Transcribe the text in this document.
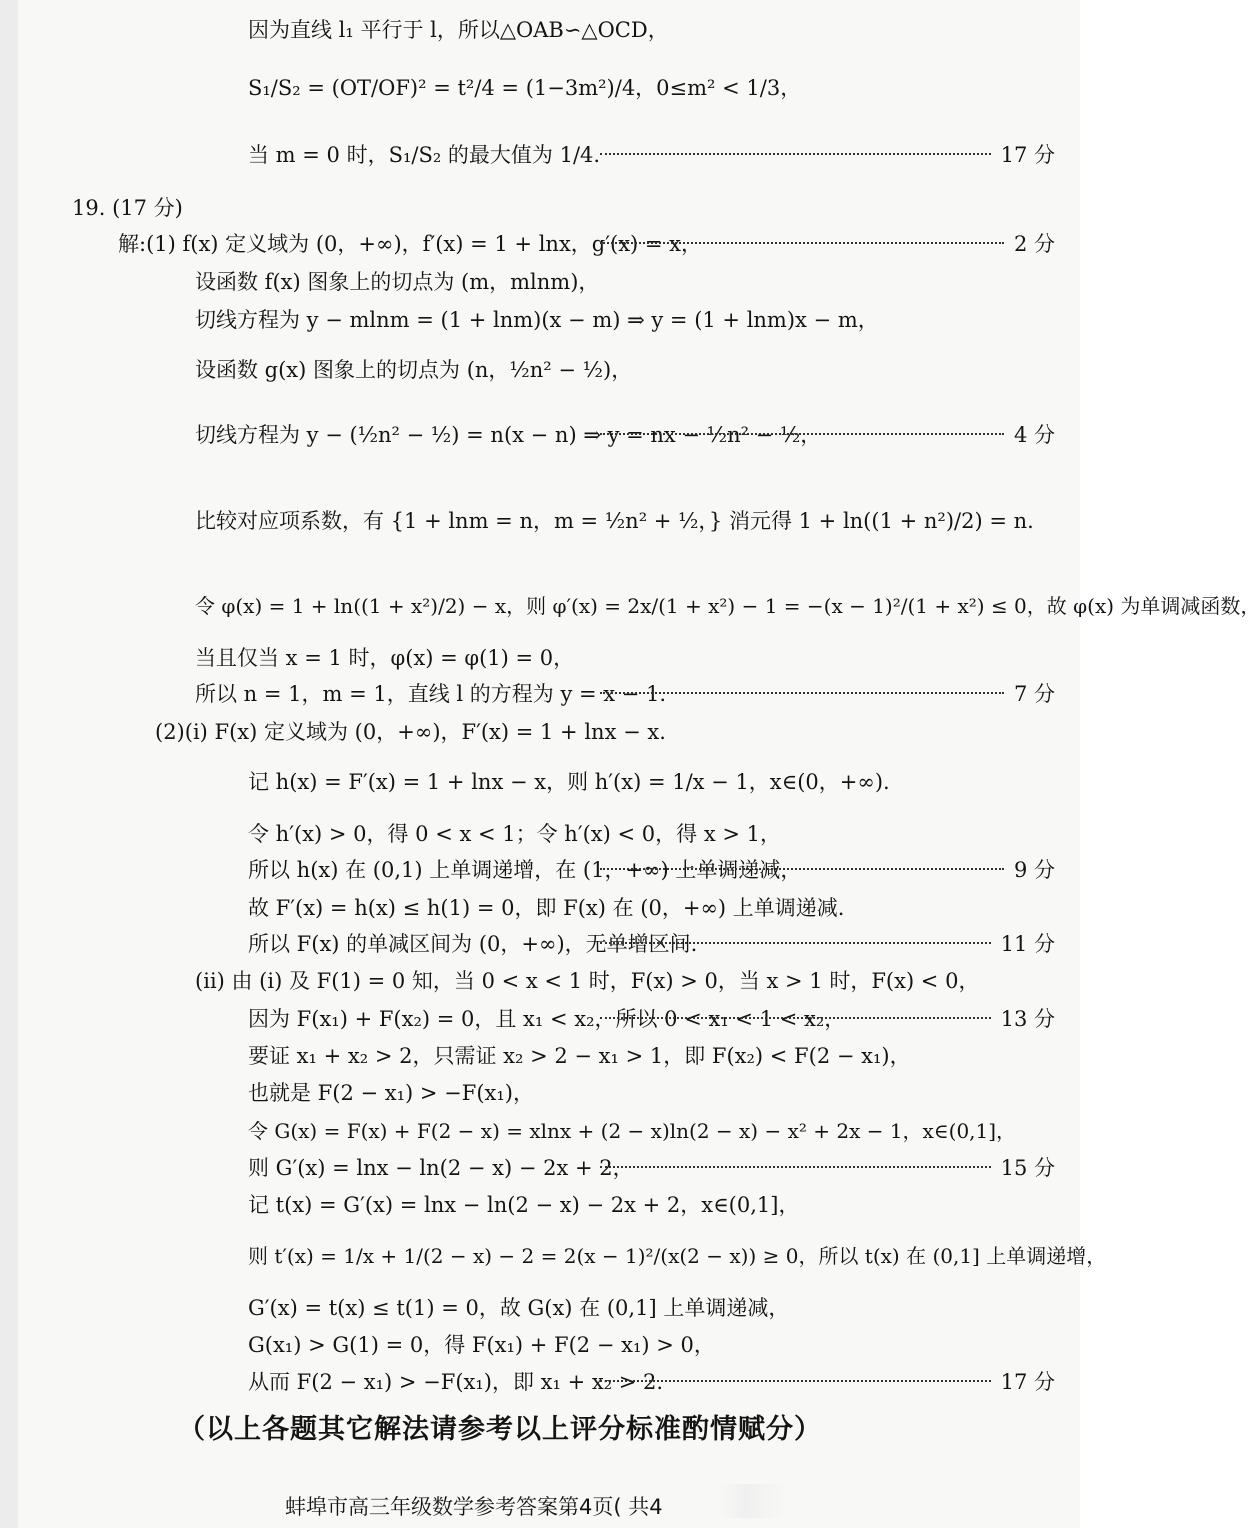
因为直线 l₁ 平行于 l，所以△OAB∽△OCD，
S₁/S₂ = (OT/OF)² = t²/4 = (1−3m²)/4，0≤m² < 1/3，
当 m = 0 时，S₁/S₂ 的最大值为 1/4.	17 分
19. (17 分)
解:(1) f(x) 定义域为 (0，+∞)，f′(x) = 1 + lnx，g′(x) = x，	2 分
设函数 f(x) 图象上的切点为 (m，mlnm)，
切线方程为 y − mlnm = (1 + lnm)(x − m) ⇒ y = (1 + lnm)x − m，
设函数 g(x) 图象上的切点为 (n，½n² − ½)，
切线方程为 y − (½n² − ½) = n(x − n) ⇒ y = nx − ½n² − ½，	4 分
比较对应项系数，有 {1 + lnm = n，m = ½n² + ½，} 消元得 1 + ln((1 + n²)/2) = n.
令 φ(x) = 1 + ln((1 + x²)/2) − x，则 φ′(x) = 2x/(1 + x²) − 1 = −(x − 1)²/(1 + x²) ≤ 0，故 φ(x) 为单调减函数，
当且仅当 x = 1 时，φ(x) = φ(1) = 0，
所以 n = 1，m = 1，直线 l 的方程为 y = x − 1.	7 分
(2)(ⅰ) F(x) 定义域为 (0，+∞)，F′(x) = 1 + lnx − x.
记 h(x) = F′(x) = 1 + lnx − x，则 h′(x) = 1/x − 1，x∈(0，+∞).
令 h′(x) > 0，得 0 < x < 1；令 h′(x) < 0，得 x > 1，
所以 h(x) 在 (0,1) 上单调递增，在 (1，+∞) 上单调递减，	9 分
故 F′(x) = h(x) ≤ h(1) = 0，即 F(x) 在 (0，+∞) 上单调递减.
所以 F(x) 的单减区间为 (0，+∞)，无单增区间.	11 分
(ⅱ) 由 (ⅰ) 及 F(1) = 0 知，当 0 < x < 1 时，F(x) > 0，当 x > 1 时，F(x) < 0，
因为 F(x₁) + F(x₂) = 0，且 x₁ < x₂，所以 0 < x₁ < 1 < x₂，	13 分
要证 x₁ + x₂ > 2，只需证 x₂ > 2 − x₁ > 1，即 F(x₂) < F(2 − x₁)，
也就是 F(2 − x₁) > −F(x₁)，
令 G(x) = F(x) + F(2 − x) = xlnx + (2 − x)ln(2 − x) − x² + 2x − 1，x∈(0,1]，
则 G′(x) = lnx − ln(2 − x) − 2x + 2，	15 分
记 t(x) = G′(x) = lnx − ln(2 − x) − 2x + 2，x∈(0,1]，
则 t′(x) = 1/x + 1/(2 − x) − 2 = 2(x − 1)²/(x(2 − x)) ≥ 0，所以 t(x) 在 (0,1] 上单调递增，
G′(x) = t(x) ≤ t(1) = 0，故 G(x) 在 (0,1] 上单调递减，
G(x₁) > G(1) = 0，得 F(x₁) + F(2 − x₁) > 0，
从而 F(2 − x₁) > −F(x₁)，即 x₁ + x₂ > 2.	17 分
（以上各题其它解法请参考以上评分标准酌情赋分）
蚌埠市高三年级数学参考答案第4页( 共4
